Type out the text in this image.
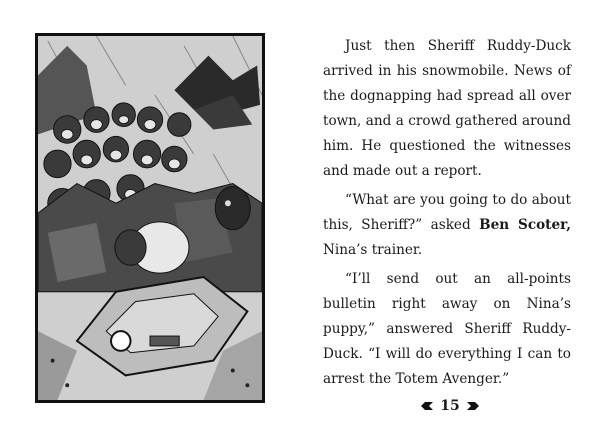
Just then Sheriff Ruddy-Duck arrived in his snowmobile. News of the dognapping had spread all over town, and a crowd gathered around him. He questioned the witnesses and made out a report.

“What are you going to do about this, Sheriff?” asked Ben Scoter, Nina’s trainer.

“I’ll send out an all-points bulletin right away on Nina’s puppy,” answered Sheriff Ruddy-Duck. “I will do everything I can to arrest the Totem Avenger.”

15
